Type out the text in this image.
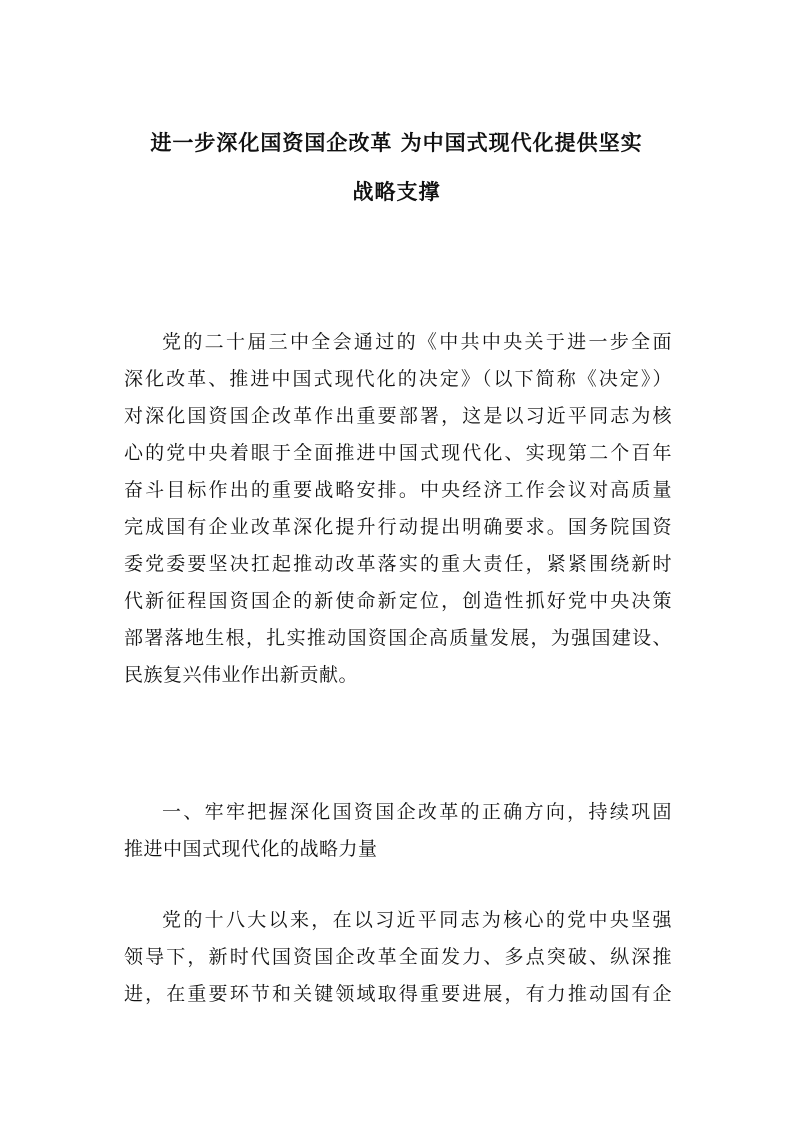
进一步深化国资国企改革 为中国式现代化提供坚实
战略支撑
党的二十届三中全会通过的《中共中央关于进一步全面
深化改革、推进中国式现代化的决定》（以下简称《决定》）
对深化国资国企改革作出重要部署，这是以习近平同志为核
心的党中央着眼于全面推进中国式现代化、实现第二个百年
奋斗目标作出的重要战略安排。中央经济工作会议对高质量
完成国有企业改革深化提升行动提出明确要求。国务院国资
委党委要坚决扛起推动改革落实的重大责任，紧紧围绕新时
代新征程国资国企的新使命新定位，创造性抓好党中央决策
部署落地生根，扎实推动国资国企高质量发展，为强国建设、
民族复兴伟业作出新贡献。
一、牢牢把握深化国资国企改革的正确方向，持续巩固
推进中国式现代化的战略力量
党的十八大以来，在以习近平同志为核心的党中央坚强
领导下，新时代国资国企改革全面发力、多点突破、纵深推
进，在重要环节和关键领域取得重要进展，有力推动国有企
